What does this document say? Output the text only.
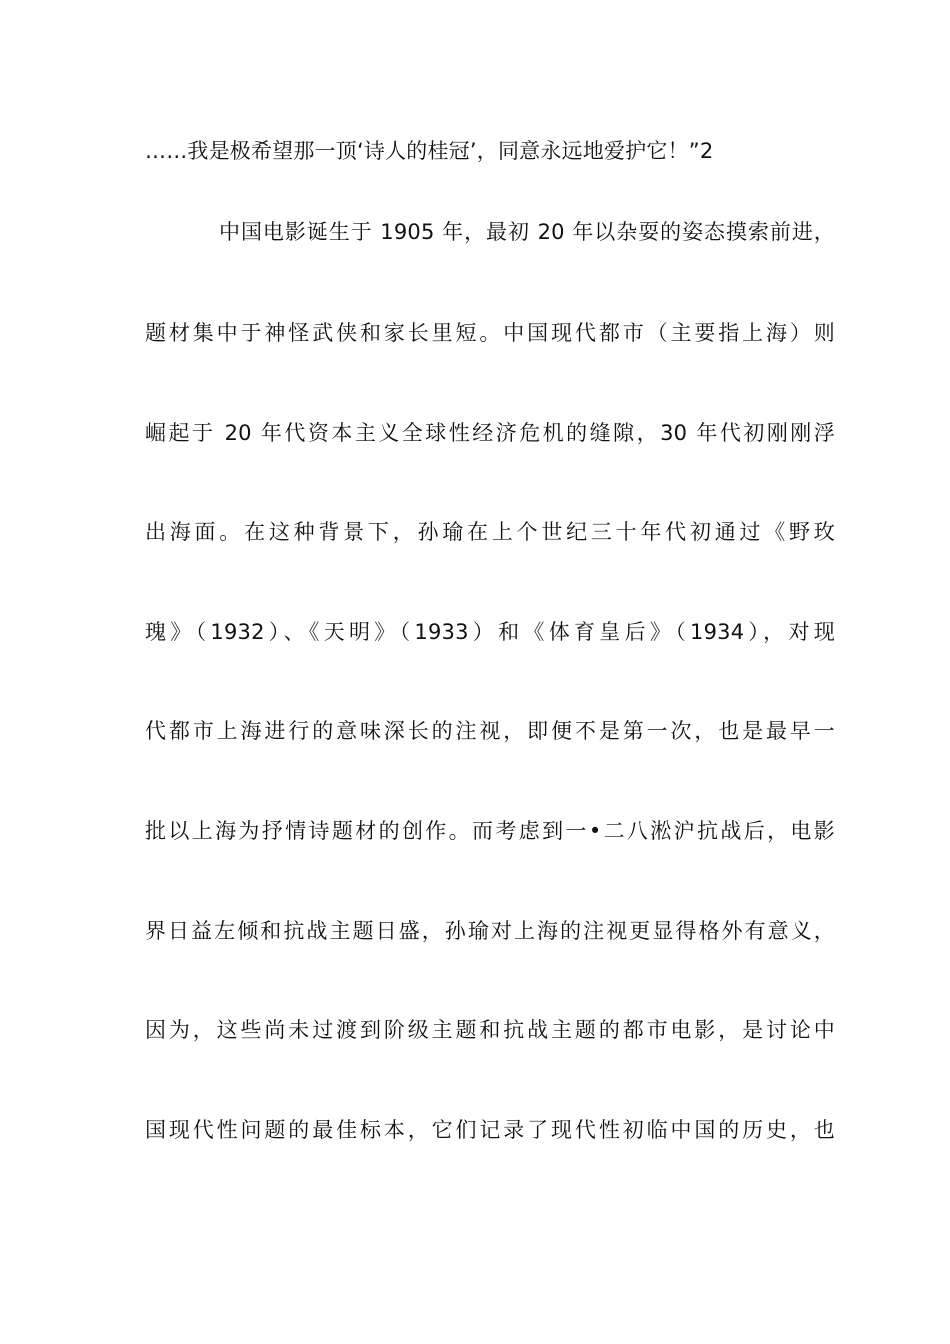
……我是极希望那一顶‘诗人的桂冠’，同意永远地爱护它！”2
中国电影诞生于 1905 年，最初 20 年以杂耍的姿态摸索前进，
题材集中于神怪武侠和家长里短。中国现代都市（主要指上海）则
崛起于 20 年代资本主义全球性经济危机的缝隙，30 年代初刚刚浮
出海面。在这种背景下，孙瑜在上个世纪三十年代初通过《野玫
瑰》（1932）、《天明》（1933）和《体育皇后》（1934），对现
代都市上海进行的意味深长的注视，即便不是第一次，也是最早一
批以上海为抒情诗题材的创作。而考虑到一•二八淞沪抗战后，电影
界日益左倾和抗战主题日盛，孙瑜对上海的注视更显得格外有意义，
因为，这些尚未过渡到阶级主题和抗战主题的都市电影，是讨论中
国现代性问题的最佳标本，它们记录了现代性初临中国的历史，也
